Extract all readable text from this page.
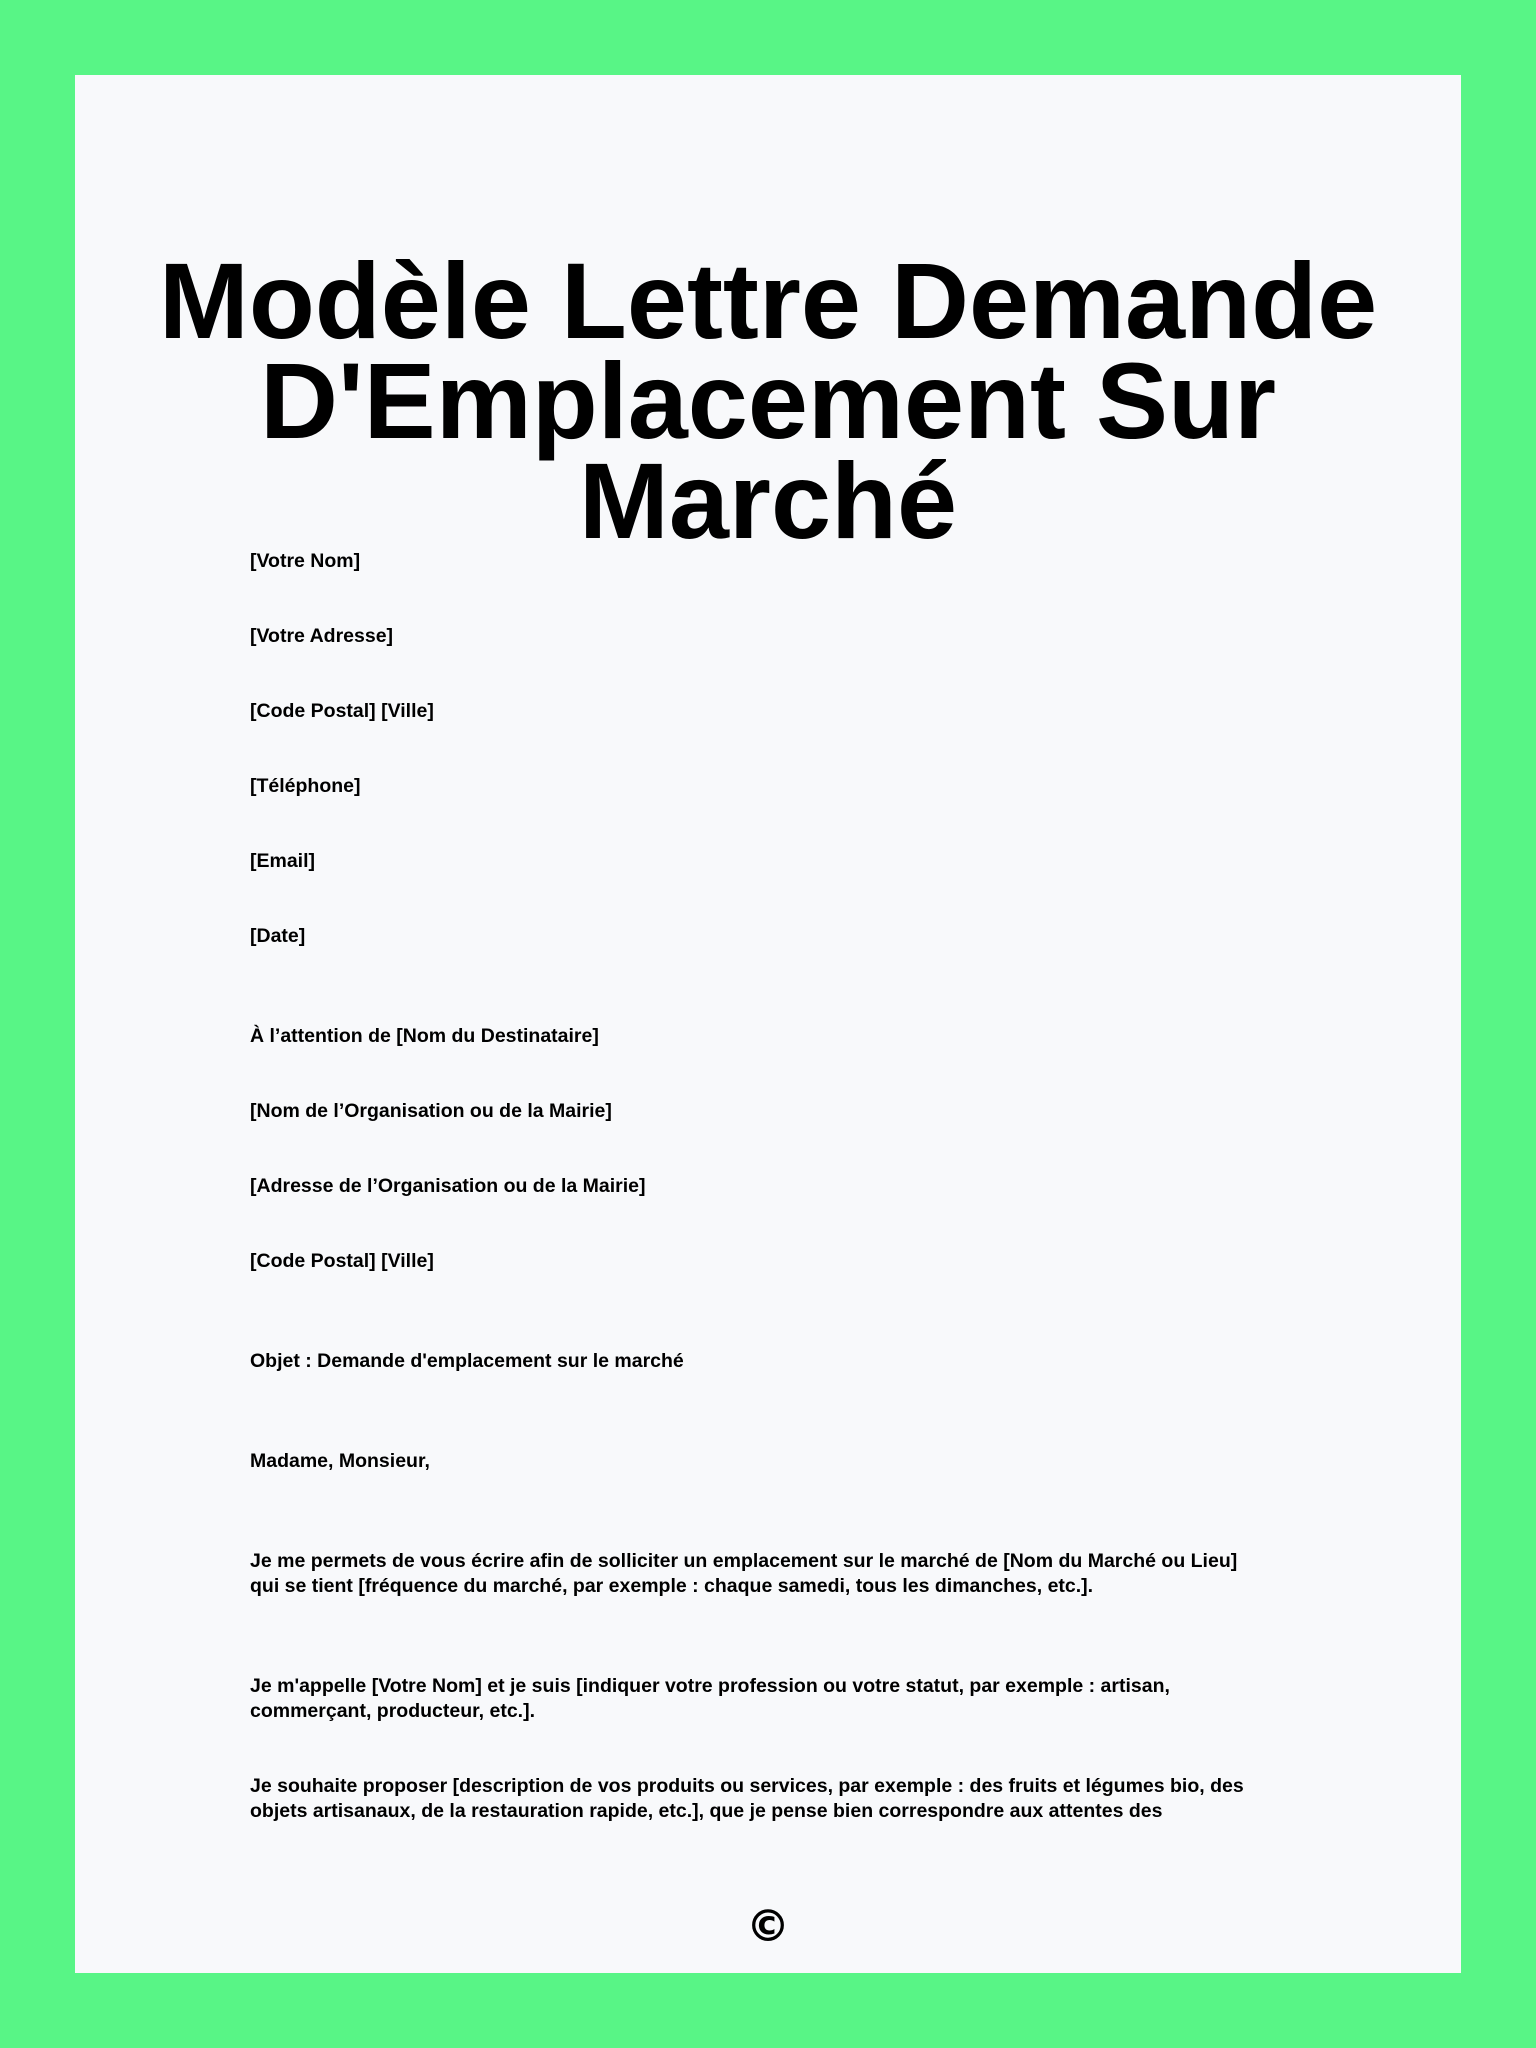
Modèle Lettre Demande
D'Emplacement Sur Marché

[Votre Nom]

[Votre Adresse]

[Code Postal] [Ville]

[Téléphone]

[Email]

[Date]

À l’attention de [Nom du Destinataire]

[Nom de l’Organisation ou de la Mairie]

[Adresse de l’Organisation ou de la Mairie]

[Code Postal] [Ville]

Objet : Demande d'emplacement sur le marché

Madame, Monsieur,

Je me permets de vous écrire afin de solliciter un emplacement sur le marché de [Nom du Marché ou Lieu]
qui se tient [fréquence du marché, par exemple : chaque samedi, tous les dimanches, etc.].
Je m'appelle [Votre Nom] et je suis [indiquer votre profession ou votre statut, par exemple : artisan,
commerçant, producteur, etc.].
Je souhaite proposer [description de vos produits ou services, par exemple : des fruits et légumes bio, des
objets artisanaux, de la restauration rapide, etc.], que je pense bien correspondre aux attentes des
©
